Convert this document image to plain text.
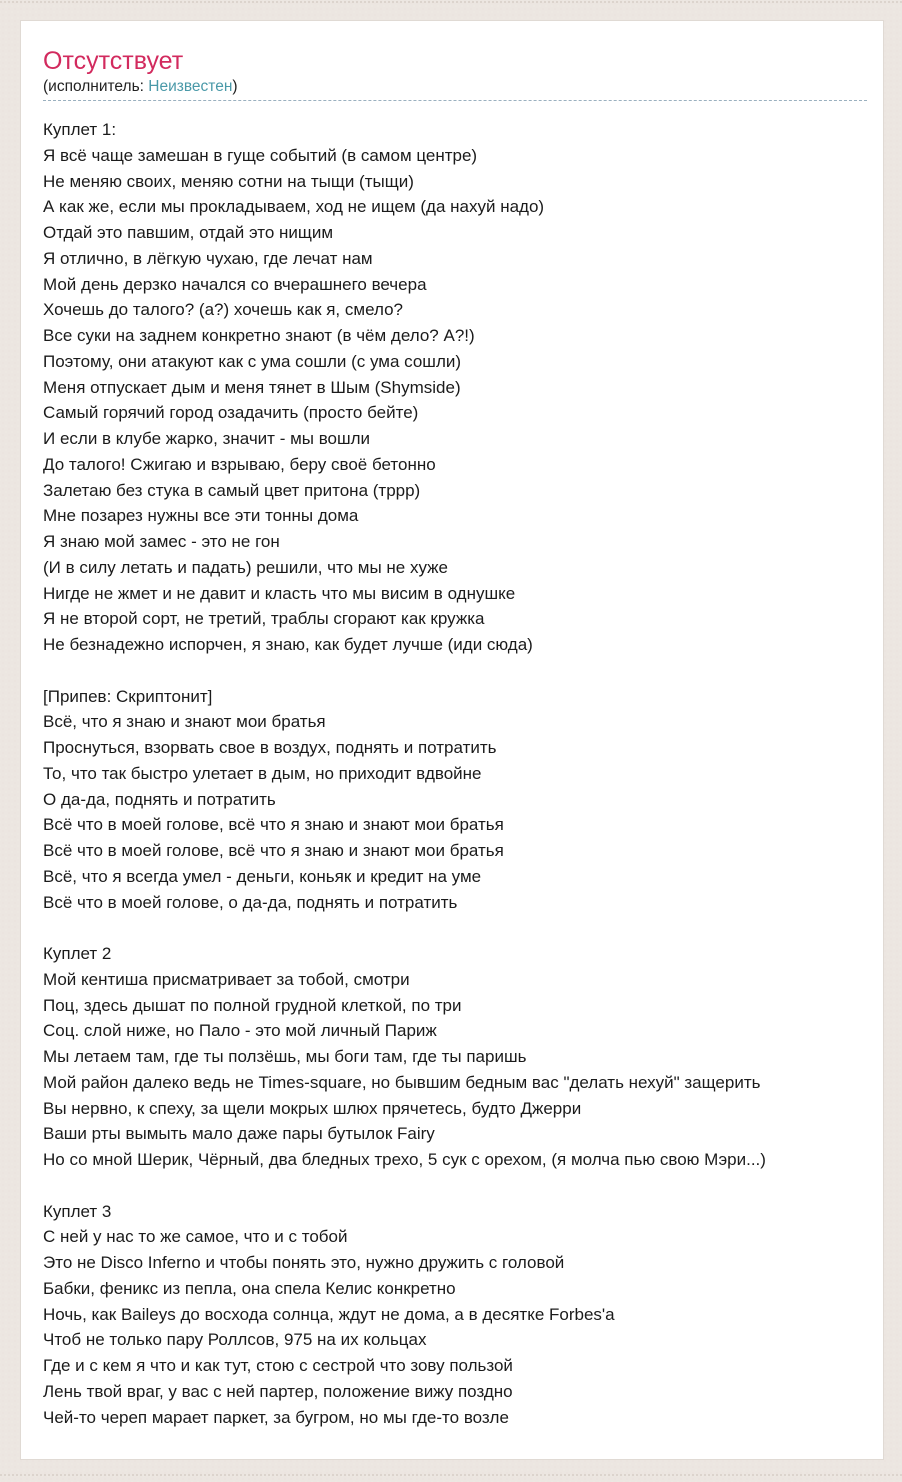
Отсутствует
(исполнитель: Неизвестен)
Куплет 1:
Я всё чаще замешан в гуще событий (в самом центре)
Не меняю своих, меняю сотни на тыщи (тыщи)
А как же, если мы прокладываем, ход не ищем (да нахуй надо)
Отдай это павшим, отдай это нищим
Я отлично, в лёгкую чухаю, где лечат нам
Мой день дерзко начался со вчерашнего вечера
Хочешь до талого? (а?) хочешь как я, смело?
Все суки на заднем конкретно знают (в чём дело? А?!)
Поэтому, они атакуют как с ума сошли (с ума сошли)
Меня отпускает дым и меня тянет в Шым (Shymside)
Самый горячий город озадачить (просто бейте)
И если в клубе жарко, значит - мы вошли
До талого! Сжигаю и взрываю, беру своё бетонно
Залетаю без стука в самый цвет притона (тррр)
Мне позарез нужны все эти тонны дома
Я знаю мой замес - это не гон
(И в силу летать и падать) решили, что мы не хуже
Нигде не жмет и не давит и класть что мы висим в однушке
Я не второй сорт, не третий, траблы сгорают как кружка
Не безнадежно испорчен, я знаю, как будет лучше (иди сюда)
[Припев: Скриптонит]
Всё, что я знаю и знают мои братья
Проснуться, взорвать свое в воздух, поднять и потратить
То, что так быстро улетает в дым, но приходит вдвойне
О да-да, поднять и потратить
Всё что в моей голове, всё что я знаю и знают мои братья
Всё что в моей голове, всё что я знаю и знают мои братья
Всё, что я всегда умел - деньги, коньяк и кредит на уме
Всё что в моей голове, о да-да, поднять и потратить
Куплет 2
Мой кентиша присматривает за тобой, смотри
Поц, здесь дышат по полной грудной клеткой, по три
Соц. слой ниже, но Пало - это мой личный Париж
Мы летаем там, где ты ползёшь, мы боги там, где ты паришь
Мой район далеко ведь не Times-square, но бывшим бедным вас "делать нехуй" защерить
Вы нервно, к спеху, за щели мокрых шлюх прячетесь, будто Джерри
Ваши рты вымыть мало даже пары бутылок Fairy
Но со мной Шерик, Чёрный, два бледных трехо, 5 сук с орехом, (я молча пью свою Мэри...)
Куплет 3
С ней у нас то же самое, что и с тобой
Это не Disco Inferno и чтобы понять это, нужно дружить с головой
Бабки, феникс из пепла, она спела Келис конкретно
Ночь, как Baileys до восхода солнца, ждут не дома, а в десятке Forbes'а
Чтоб не только пару Роллсов, 975 на их кольцах
Где и с кем я что и как тут, стою с сестрой что зову пользой
Лень твой враг, у вас с ней партер, положение вижу поздно
Чей-то череп марает паркет, за бугром, но мы где-то возле
